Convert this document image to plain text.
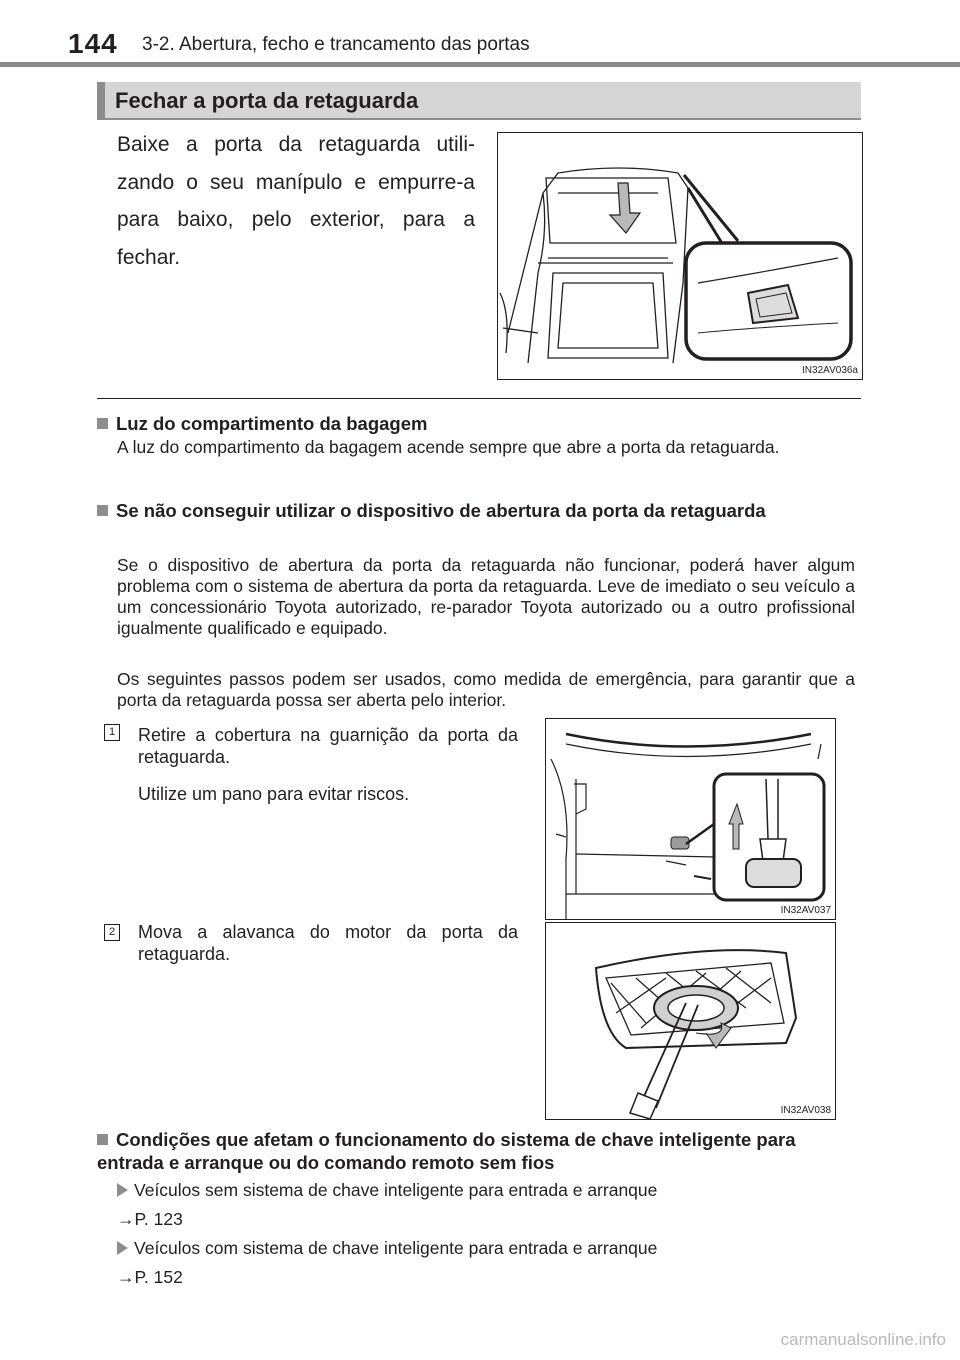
144 3-2. Abertura, fecho e trancamento das portas
Fechar a porta da retaguarda
Baixe a porta da retaguarda utili-zando o seu manípulo e empurre-a para baixo, pelo exterior, para a fechar.
IN32AV036a
Luz do compartimento da bagagem
A luz do compartimento da bagagem acende sempre que abre a porta da retaguarda.
Se não conseguir utilizar o dispositivo de abertura da porta da retaguarda
Se o dispositivo de abertura da porta da retaguarda não funcionar, poderá haver algum problema com o sistema de abertura da porta da retaguarda. Leve de imediato o seu veículo a um concessionário Toyota autorizado, re-parador Toyota autorizado ou a outro profissional igualmente qualificado e equipado.
Os seguintes passos podem ser usados, como medida de emergência, para garantir que a porta da retaguarda possa ser aberta pelo interior.
1 Retire a cobertura na guarnição da porta da retaguarda.
Utilize um pano para evitar riscos.
IN32AV037
2 Mova a alavanca do motor da porta da retaguarda.
IN32AV038
Condições que afetam o funcionamento do sistema de chave inteligente para entrada e arranque ou do comando remoto sem fios
Veículos sem sistema de chave inteligente para entrada e arranque
→P. 123
Veículos com sistema de chave inteligente para entrada e arranque
→P. 152
carmanualsonline.info
